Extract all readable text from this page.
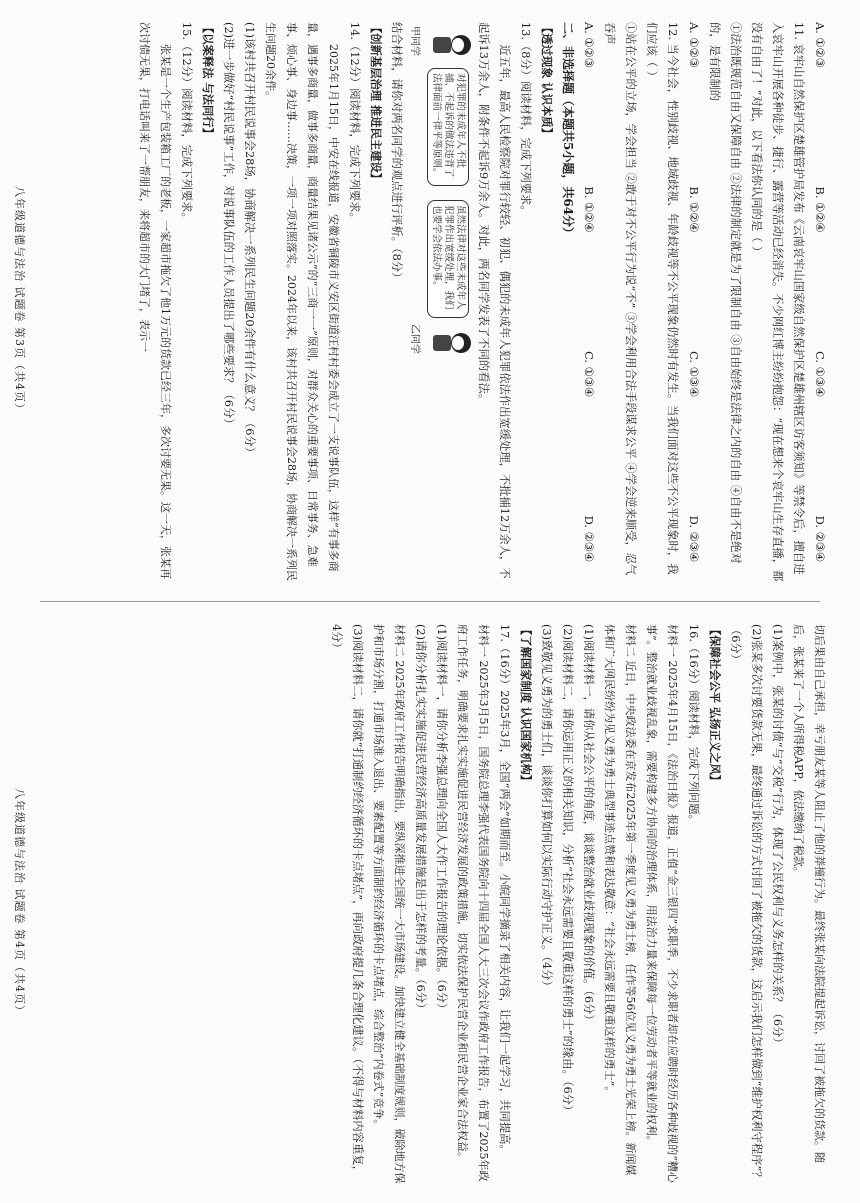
A. ①②③
B. ①②④
C. ①③④
D. ②③④

11. 哀牢山自然保护区楚雄管护局发布《云南哀牢山国家级自然保护区楚雄州辖区访客须知》等禁令后，擅自进入哀牢山开展各种徒步、捷行、露营等活动已经消失。不少网红博主纷纷抱怨：“现在想来个哀牢山生存直播，都没有自由了！”对此，以下看法你认同的是（ ）

①法治既规范自由又保障自由 ②法律的制定就是为了限制自由 ③自由始终是法律之内的自由 ④自由不是绝对的，是有限制的

A. ①②③
B. ①②④
C. ①③④
D. ②③④

12. 当今社会，性别歧视、地域歧视、年龄歧视等不公平现象仍然时有发生。当我们面对这些不公平现象时，我们应该（ ）

①站在公平的立场，学会担当 ②敢于对不公平行为说“不” ③学会利用合法手段谋求公平 ④学会逆来顺受，忍气吞声

A. ①②③
B. ①②④
C. ①③④
D. ②③④

二、非选择题（本题共5小题，共64分）

【透过现象 认识本质】

13.（8分）阅读材料，完成下列要求。

近五年，最高人民检察院对罪行较轻、初犯、偶犯的未成年人犯罪依法作出宽缓处理，不批捕12万余人，不起诉13万余人，附条件不起诉9万余人。对此，两名同学发表了不同的看法。

甲同学
对犯罪的未成年人不批捕、不起诉的做法违背了法律面前一律平等原则。
虽然法律对这些未成年人犯罪作出宽缓处理，我们也要学会依法办事。
乙同学

结合材料，请你对两名同学的观点进行评析。（8分）

【创新基层治理 推进民主建设】

14.（12分）阅读材料，完成下列要求。

2025年1月15日，中安在线报道，安徽省铜陵市义安区街道汪村村委会成立了一支说事队伍，这样“有事多商量，遇事多商量，做事多商量，商量结果见诸公示”的“三商一一”原则，对群众关心的重要事项、日常事务、急难事、烦心事、身边事……决策，一项一项对照落实。2024年以来，该村共召开村民说事会28场，协商解决一系列民生问题20余件。

(1)该村共召开村民说事会28场，协商解决一系列民生问题20余件有什么意义？（6分）

(2)进一步做好“村民说事”工作，对说事队伍的工作人员提出了哪些要求？（6分）

【以案释法 与法同行】

15.（12分）阅读材料，完成下列要求。

张某是一个生产包装箱工厂的老板，一家超市拖欠了他1万元的货款已经三年，多次讨要无果。这一天，张某再次讨债无果，打电话叫来了一帮朋友，来将超市的大门堵了，表示一

八年级道德与法治 试题卷 第3页（共4页）

切后果由自己承担，幸亏朋友某等人阻止了他的莽撞行为。最终张某向法院提起诉讼，讨回了被拖欠的货款。随后，张某来了一个人所得税APP，依法缴纳了税款。

(1)案例中，张某的讨债“与“交税”行为，体现了公民权利与义务怎样的关系？（6分）

(2)张某多次讨要货款无果，最终通过诉讼的方式讨回了被拖欠的货款，这启示我们怎样做到“维护权利守程序”？（6分）

【保障社会公平 弘扬正义之风】

16.（16分）阅读材料，完成下列问题。

材料一 2025年4月15日，《法治日报》报道，正值“金三银四”求职季，不少求职者却在应聘时经历各种歧视的“糟心事”。整治就业歧视乱象，需要构建多方协同的治理体系，用法治力量来保障每一位劳动者平等就业的权利。

材料二 近日，中央政法委在京发布2025年第一季度见义勇为勇士榜，任作等56位见义勇为勇士光荣上榜。新闻媒体和广大网民纷纷为见义勇为勇士典型事迹点赞和表达敬意：“社会永远需要且敬重这样的勇士”。

(1)阅读材料一，请你从社会公平的角度，谈谈整治就业歧视现象的价值。（6分）

(2)阅读材料二，请你运用正义的相关知识，分析“社会永远需要且敬重这样的勇士”的缘由。（6分）

(3)致敬见义勇为的勇士们，谈谈你打算如何以实际行动守护正义。（4分）

【了解国家制度 认识国家机构】

17.（16分）2025年3月，全国“两会”如期而至。小皖同学摘录了相关内容，让我们一起学习，共同提高。

材料一 2025年3月5日，国务院总理李强代表国务院向十四届全国人大三次会议作政府工作报告，布置了2025年政府工作任务，明确要求扎实实施促进民营经济发展的政策措施，切实依法保护民营企业和民营企业家合法权益。

(1)阅读材料一，请你分析李强总理向全国人大作工作报告的理论依据。（6分）

(2)请你分析扎实实施促进民营经济高质量发展措施是出于怎样的考量。（6分）

材料二 2025年政府工作报告明确指出，要纵深推进全国统一大市场建设。加快建立健全基础制度规则，破除地方保护和市场分割，打通市场准入退出、要素配置等方面制约经济循环的卡点堵点，综合整治“内卷式”竞争。

(3)阅读材料二，请你就“打通制约经济循环的卡点堵点”，再向政府提几条合理化建议。（不得与材料内容重复，4分）

八年级道德与法治 试题卷 第4页（共4页）
